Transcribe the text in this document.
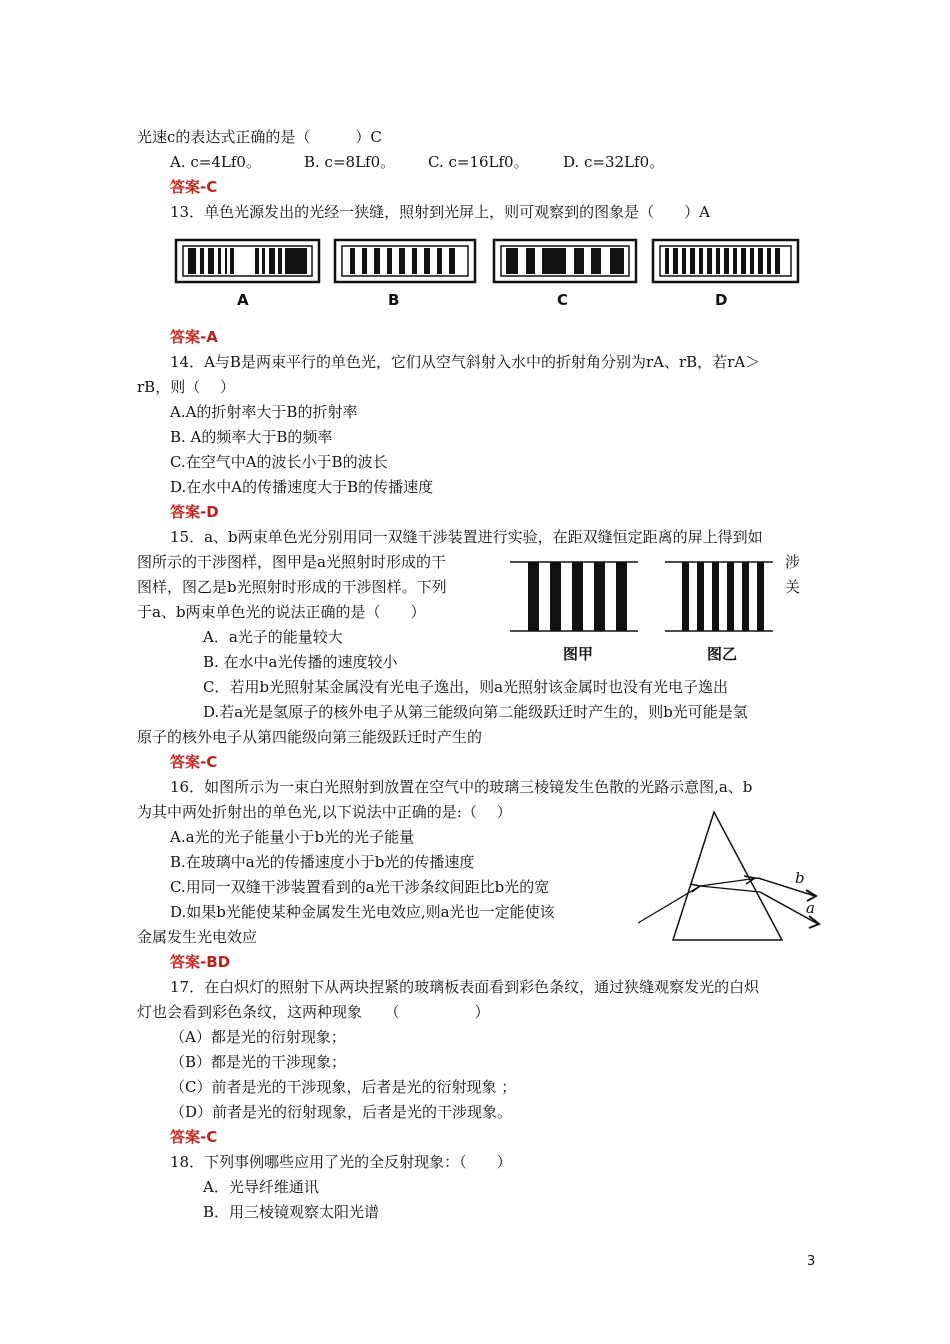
光速c的表达式正确的是（　　　）C
A. c=4Lf0。	B. c=8Lf0。 C. c=16Lf0。 D. c=32Lf0。
答案-C
13．单色光源发出的光经一狭缝，照射到光屏上，则可观察到的图象是（　　）A
A	B	C	D
答案-A
14．A与B是两束平行的单色光，它们从空气斜射入水中的折射角分别为rA、rB，若rA＞
rB，则（　 ）
A.A的折射率大于B的折射率
B. A的频率大于B的频率
C.在空气中A的波长小于B的波长
D.在水中A的传播速度大于B的传播速度
答案-D
15．a、b两束单色光分别用同一双缝干涉装置进行实验，在距双缝恒定距离的屏上得到如
图所示的干涉图样，图甲是a光照射时形成的干	涉
图样，图乙是b光照射时形成的干涉图样。下列	关
于a、b两束单色光的说法正确的是（　　）
图甲	图乙
A．a光子的能量较大
B. 在水中a光传播的速度较小
C．若用b光照射某金属没有光电子逸出，则a光照射该金属时也没有光电子逸出
D.若a光是氢原子的核外电子从第三能级向第二能级跃迁时产生的，则b光可能是氢
原子的核外电子从第四能级向第三能级跃迁时产生的
答案-C
16．如图所示为一束白光照射到放置在空气中的玻璃三棱镜发生色散的光路示意图,a、b
为其中两处折射出的单色光,以下说法中正确的是:（　 ）
A.a光的光子能量小于b光的光子能量
B.在玻璃中a光的传播速度小于b光的传播速度
C.用同一双缝干涉装置看到的a光干涉条纹间距比b光的宽
D.如果b光能使某种金属发生光电效应,则a光也一定能使该
金属发生光电效应
b
a
答案-BD
17．在白炽灯的照射下从两块捏紧的玻璃板表面看到彩色条纹，通过狭缝观察发光的白炽
灯也会看到彩色条纹，这两种现象　　（　　　　　）
（A）都是光的衍射现象；
（B）都是光的干涉现象；
（C）前者是光的干涉现象，后者是光的衍射现象 ；
（D）前者是光的衍射现象，后者是光的干涉现象。
答案-C
18．下列事例哪些应用了光的全反射现象：（　　）
A．光导纤维通讯
B．用三棱镜观察太阳光谱
3
